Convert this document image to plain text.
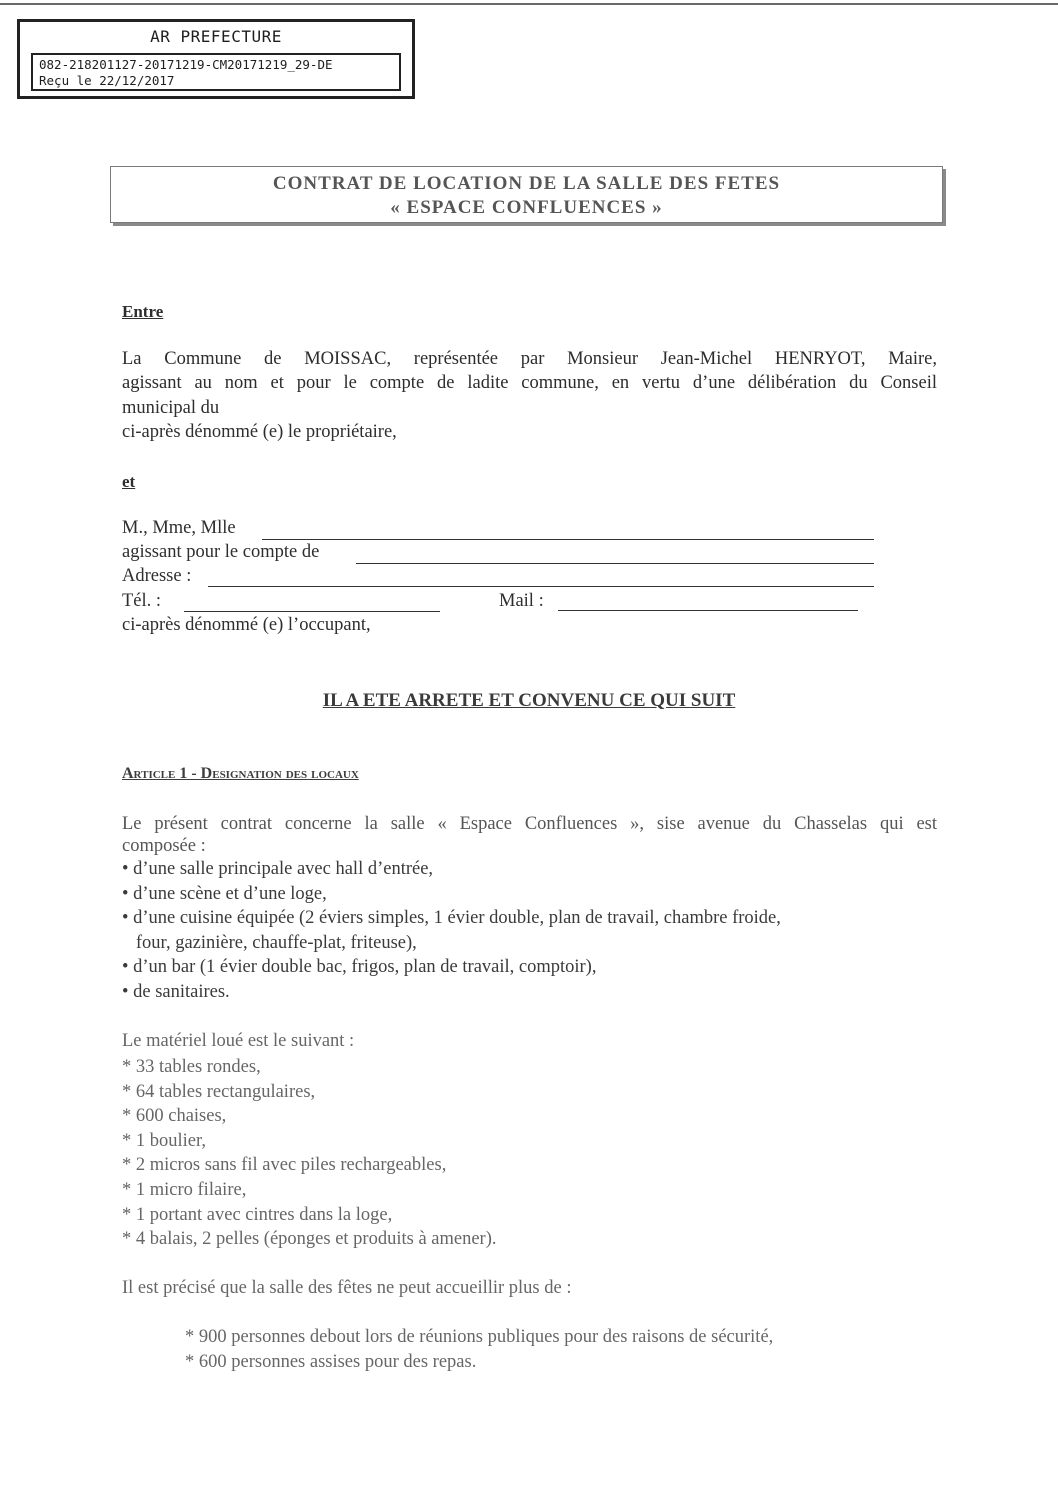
AR PREFECTURE
082-218201127-20171219-CM20171219_29-DE
Reçu le 22/12/2017
CONTRAT DE LOCATION DE LA SALLE DES FETES
« ESPACE CONFLUENCES »
Entre
La Commune de MOISSAC, représentée par Monsieur Jean-Michel HENRYOT, Maire,
agissant au nom et pour le compte de ladite commune, en vertu d’une délibération du Conseil
municipal du
ci-après dénommé (e) le propriétaire,
et
M., Mme, Mlle
agissant pour le compte de
Adresse :
Tél. :	Mail :
ci-après dénommé (e) l’occupant,
IL A ETE ARRETE ET CONVENU CE QUI SUIT
Article 1 - Designation des locaux
Le présent contrat concerne la salle « Espace Confluences », sise avenue du Chasselas qui est
composée :
• d’une salle principale avec hall d’entrée,
• d’une scène et d’une loge,
• d’une cuisine équipée (2 éviers simples, 1 évier double, plan de travail, chambre froide,
four, gazinière, chauffe-plat, friteuse),
• d’un bar (1 évier double bac, frigos, plan de travail, comptoir),
• de sanitaires.
Le matériel loué est le suivant :
* 33 tables rondes,
* 64 tables rectangulaires,
* 600 chaises,
* 1 boulier,
* 2 micros sans fil avec piles rechargeables,
* 1 micro filaire,
* 1 portant avec cintres dans la loge,
* 4 balais, 2 pelles (éponges et produits à amener).
Il est précisé que la salle des fêtes ne peut accueillir plus de :
* 900 personnes debout lors de réunions publiques pour des raisons de sécurité,
* 600 personnes assises pour des repas.
